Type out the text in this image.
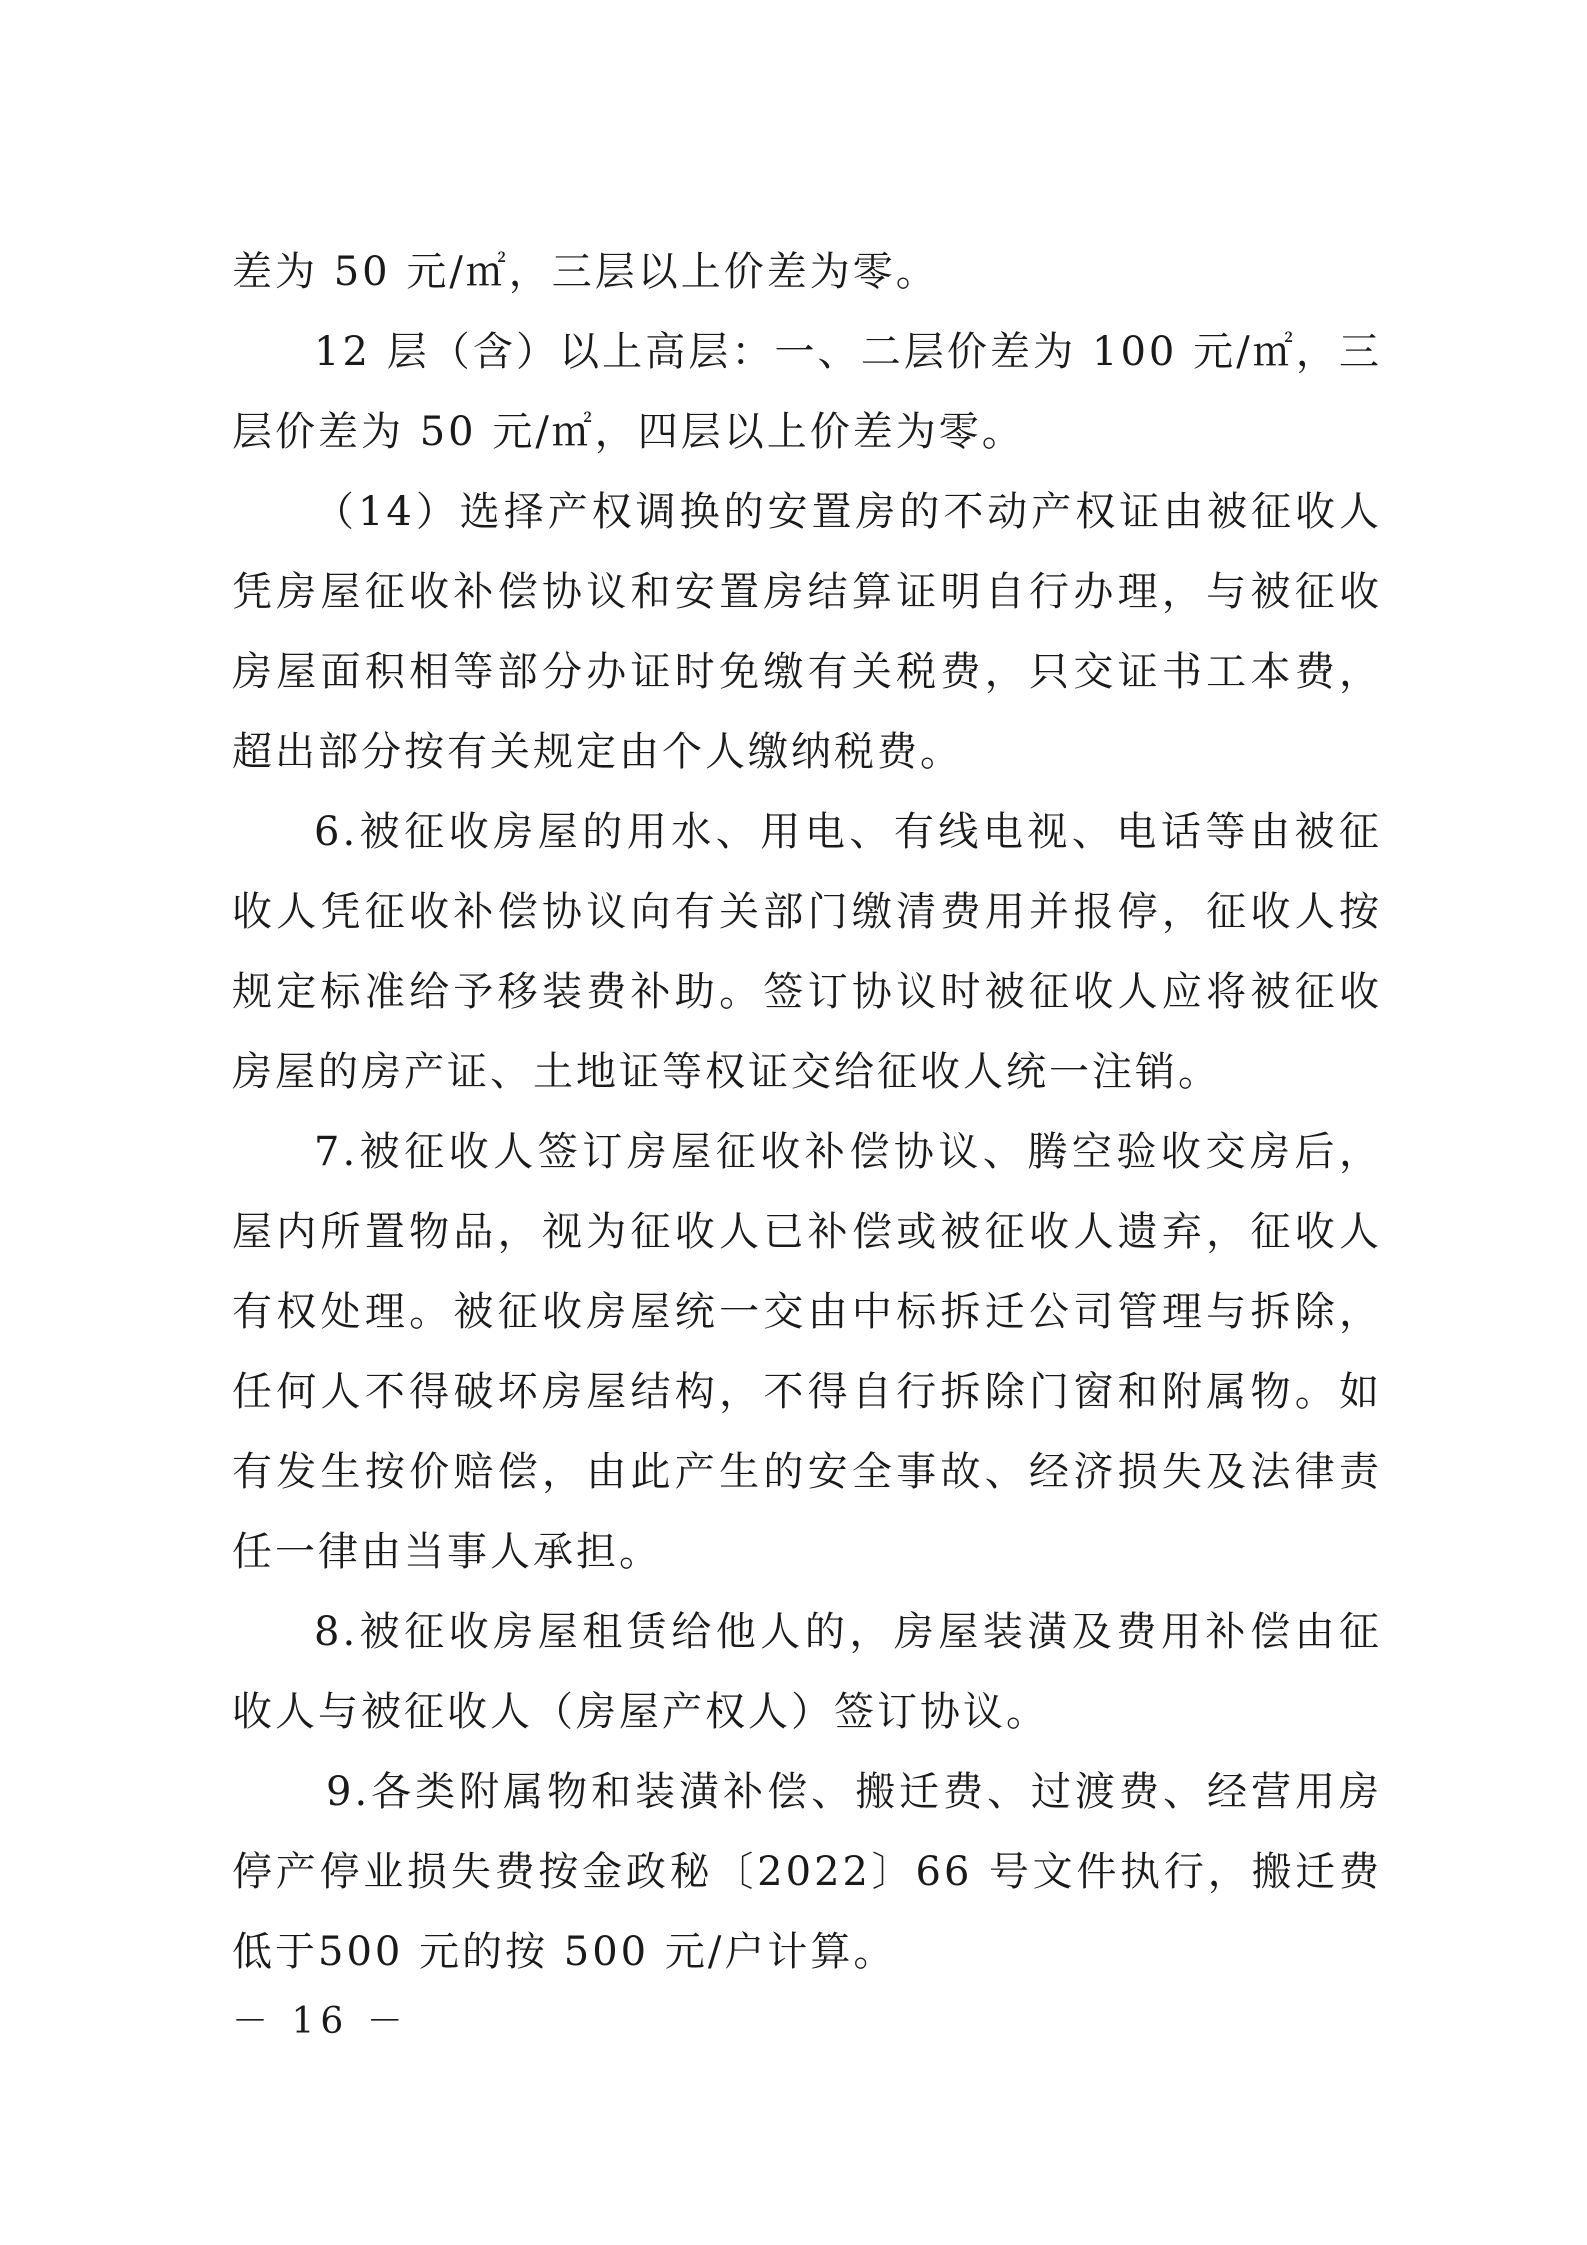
差为 50 元/㎡，三层以上价差为零。

12 层（含）以上高层：一、二层价差为 100 元/㎡，三层价差为 50 元/㎡，四层以上价差为零。

（14）选择产权调换的安置房的不动产权证由被征收人凭房屋征收补偿协议和安置房结算证明自行办理，与被征收房屋面积相等部分办证时免缴有关税费，只交证书工本费，超出部分按有关规定由个人缴纳税费。

6.被征收房屋的用水、用电、有线电视、电话等由被征收人凭征收补偿协议向有关部门缴清费用并报停，征收人按规定标准给予移装费补助。签订协议时被征收人应将被征收房屋的房产证、土地证等权证交给征收人统一注销。

7.被征收人签订房屋征收补偿协议、腾空验收交房后，屋内所置物品，视为征收人已补偿或被征收人遗弃，征收人有权处理。被征收房屋统一交由中标拆迁公司管理与拆除，任何人不得破坏房屋结构，不得自行拆除门窗和附属物。如有发生按价赔偿，由此产生的安全事故、经济损失及法律责任一律由当事人承担。

8.被征收房屋租赁给他人的，房屋装潢及费用补偿由征收人与被征收人（房屋产权人）签订协议。

9.各类附属物和装潢补偿、搬迁费、过渡费、经营用房停产停业损失费按金政秘〔2022〕66 号文件执行，搬迁费低于500 元的按 500 元/户计算。

－ 16 －
